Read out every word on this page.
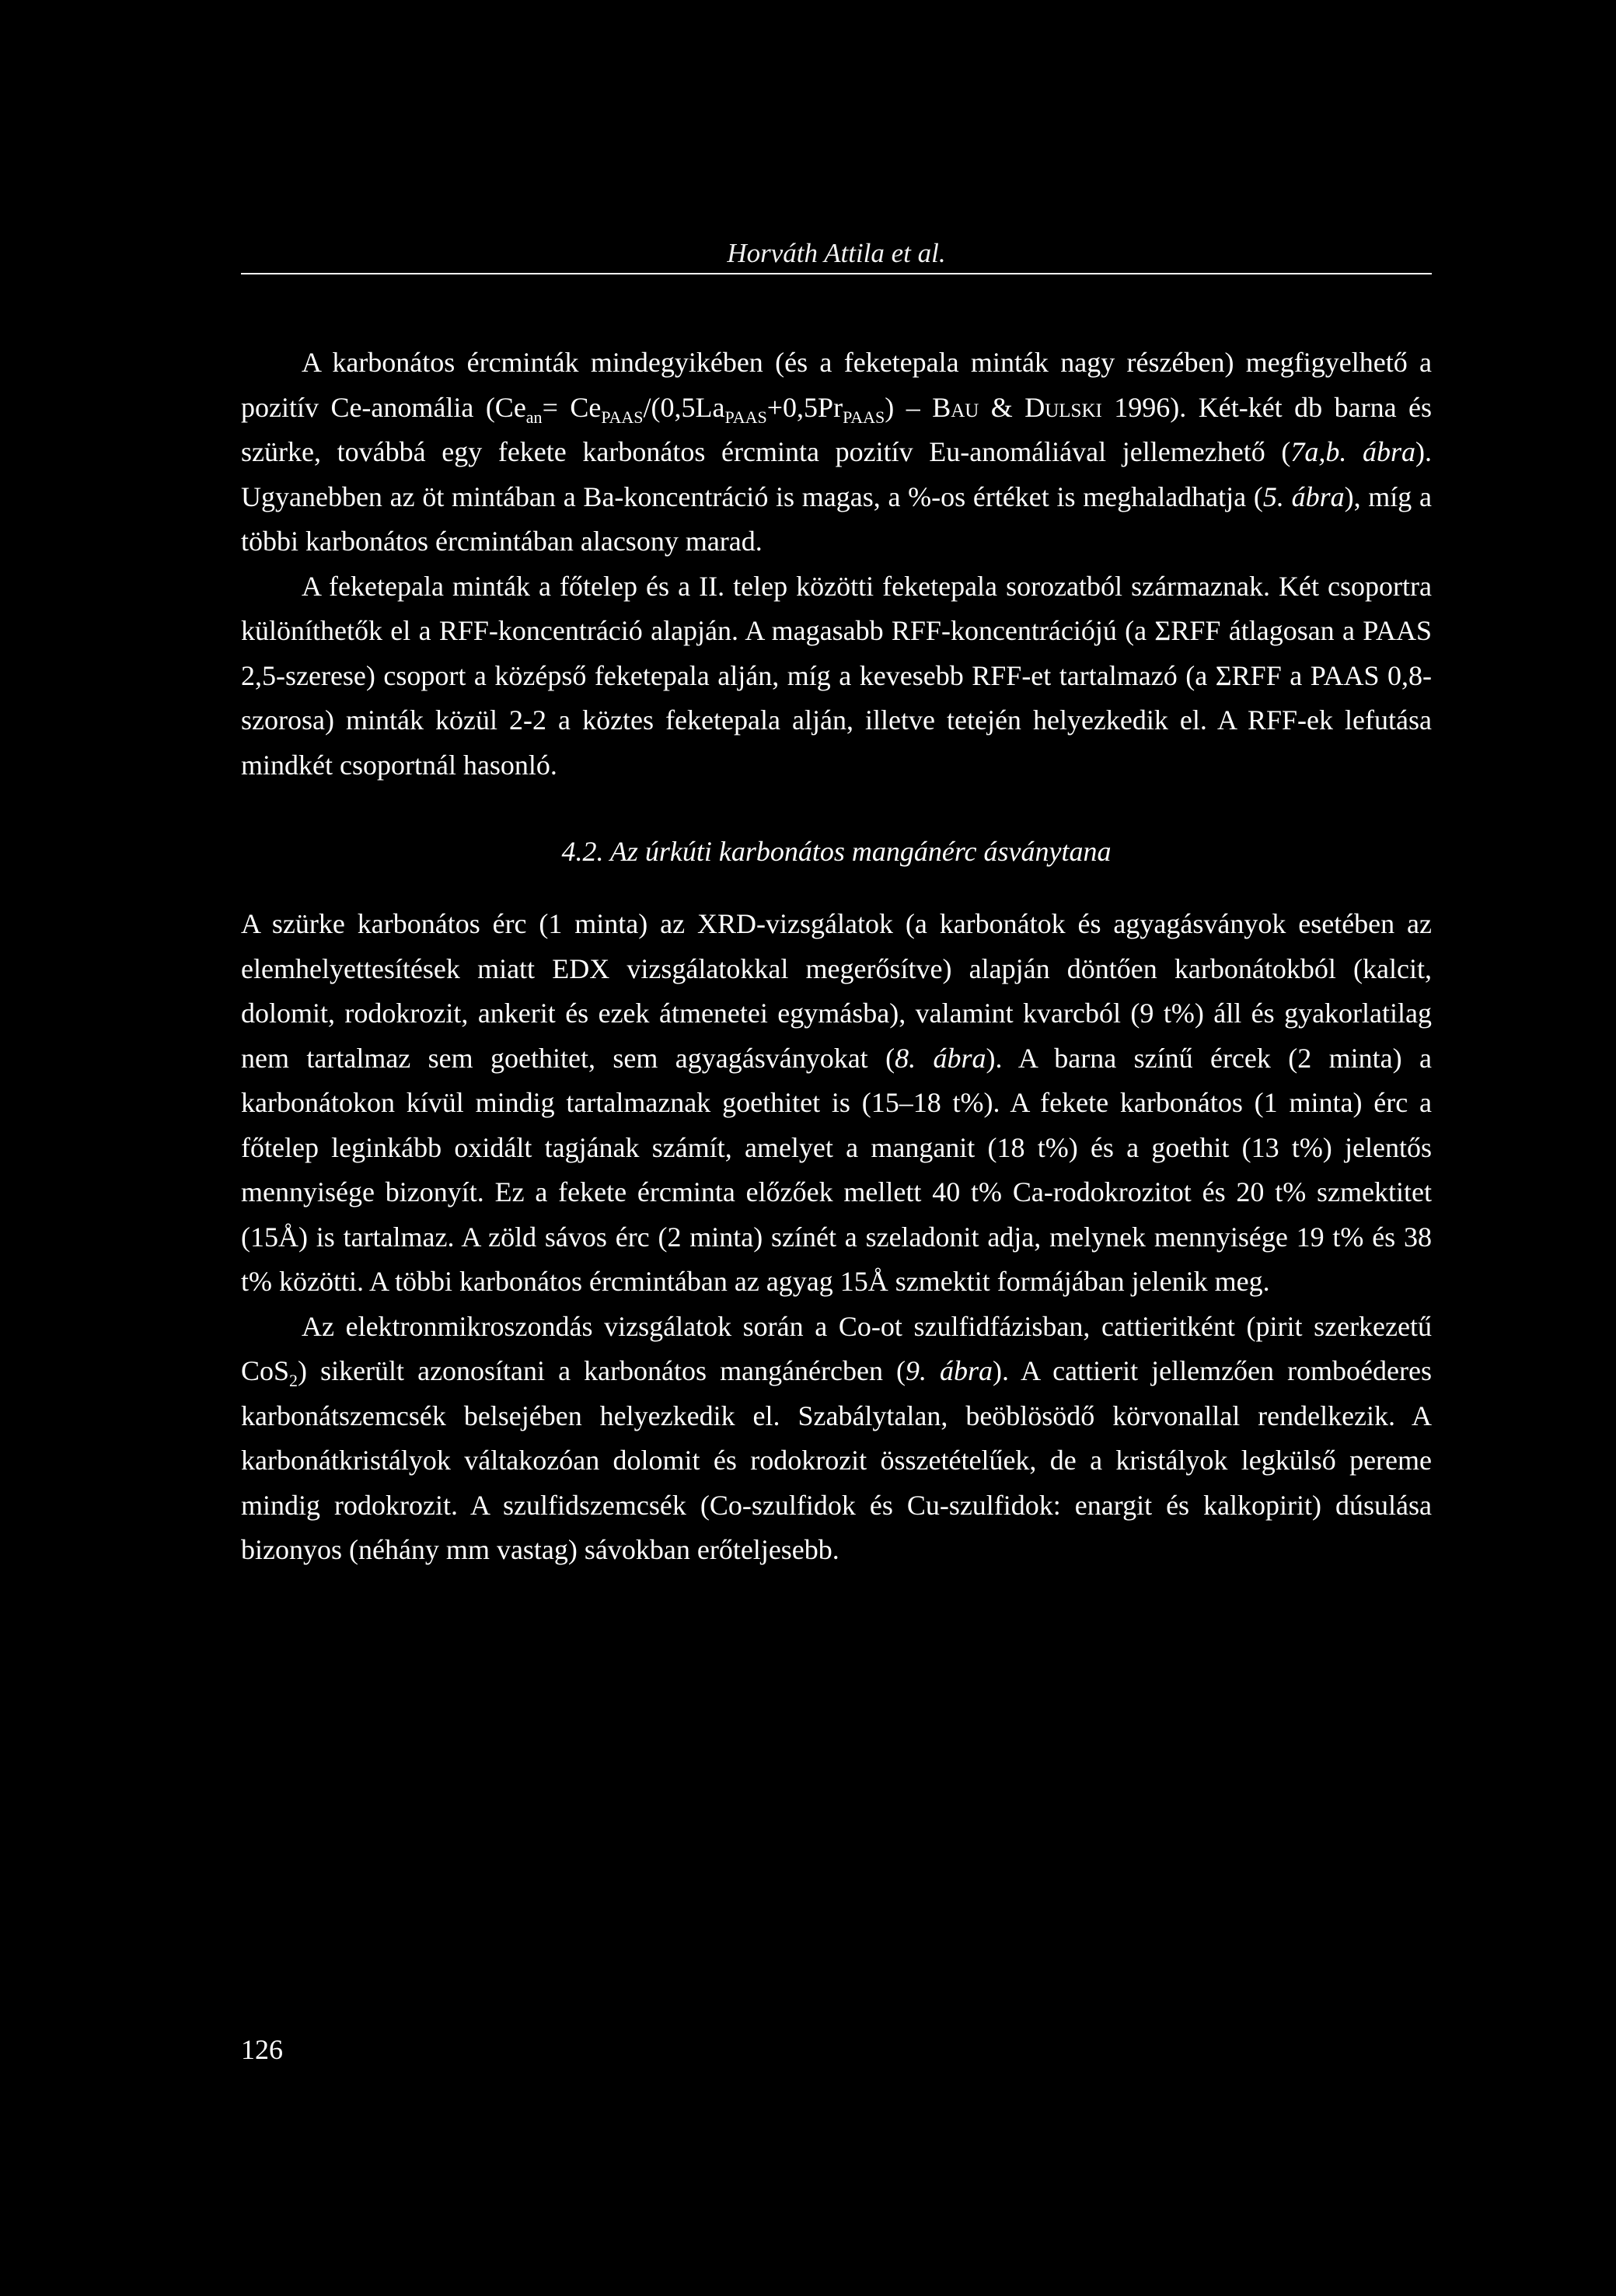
Horváth Attila et al.

A karbonátos ércminták mindegyikében (és a feketepala minták nagy részében) megfigyelhető a pozitív Ce-anomália ($Ce_{an}= Ce_{PAAS}/(0,5La_{PAAS}+0,5Pr_{PAAS})$ – Bau & Dulski 1996). Két-két db barna és szürke, továbbá egy fekete karbonátos ércminta pozitív Eu-anomáliával jellemezhető (7a,b. ábra). Ugyanebben az öt mintában a Ba-koncentráció is magas, a %-os értéket is meghaladhatja (5. ábra), míg a többi karbonátos ércmintában alacsony marad.

A feketepala minták a főtelep és a II. telep közötti feketepala sorozatból származnak. Két csoportra különíthetők el a RFF-koncentráció alapján. A magasabb RFF-koncentrációjú (a ΣRFF átlagosan a PAAS 2,5-szerese) csoport a középső feketepala alján, míg a kevesebb RFF-et tartalmazó (a ΣRFF a PAAS 0,8-szorosa) minták közül 2-2 a köztes feketepala alján, illetve tetején helyezkedik el. A RFF-ek lefutása mindkét csoportnál hasonló.

4.2. Az úrkúti karbonátos mangánérc ásványtana

A szürke karbonátos érc (1 minta) az XRD-vizsgálatok (a karbonátok és agyagásványok esetében az elemhelyettesítések miatt EDX vizsgálatokkal megerősítve) alapján döntően karbonátokból (kalcit, dolomit, rodokrozit, ankerit és ezek átmenetei egymásba), valamint kvarcból (9 t%) áll és gyakorlatilag nem tartalmaz sem goethitet, sem agyagásványokat (8. ábra). A barna színű ércek (2 minta) a karbonátokon kívül mindig tartalmaznak goethitet is (15–18 t%). A fekete karbonátos (1 minta) érc a főtelep leginkább oxidált tagjának számít, amelyet a manganit (18 t%) és a goethit (13 t%) jelentős mennyisége bizonyít. Ez a fekete ércminta előzőek mellett 40 t% Ca-rodokrozitot és 20 t% szmektitet (15Å) is tartalmaz. A zöld sávos érc (2 minta) színét a szeladonit adja, melynek mennyisége 19 t% és 38 t% közötti. A többi karbonátos ércmintában az agyag 15Å szmektit formájában jelenik meg.

Az elektronmikroszondás vizsgálatok során a Co-ot szulfidfázisban, cattieritként (pirit szerkezetű CoS$_2$) sikerült azonosítani a karbonátos mangánércben (9. ábra). A cattierit jellemzően romboéderes karbonátszemcsék belsejében helyezkedik el. Szabálytalan, beöblösödő körvonallal rendelkezik. A karbonátkristályok váltakozóan dolomit és rodokrozit összetételűek, de a kristályok legkülső pereme mindig rodokrozit. A szulfidszemcsék (Co-szulfidok és Cu-szulfidok: enargit és kalkopirit) dúsulása bizonyos (néhány mm vastag) sávokban erőteljesebb.

126
